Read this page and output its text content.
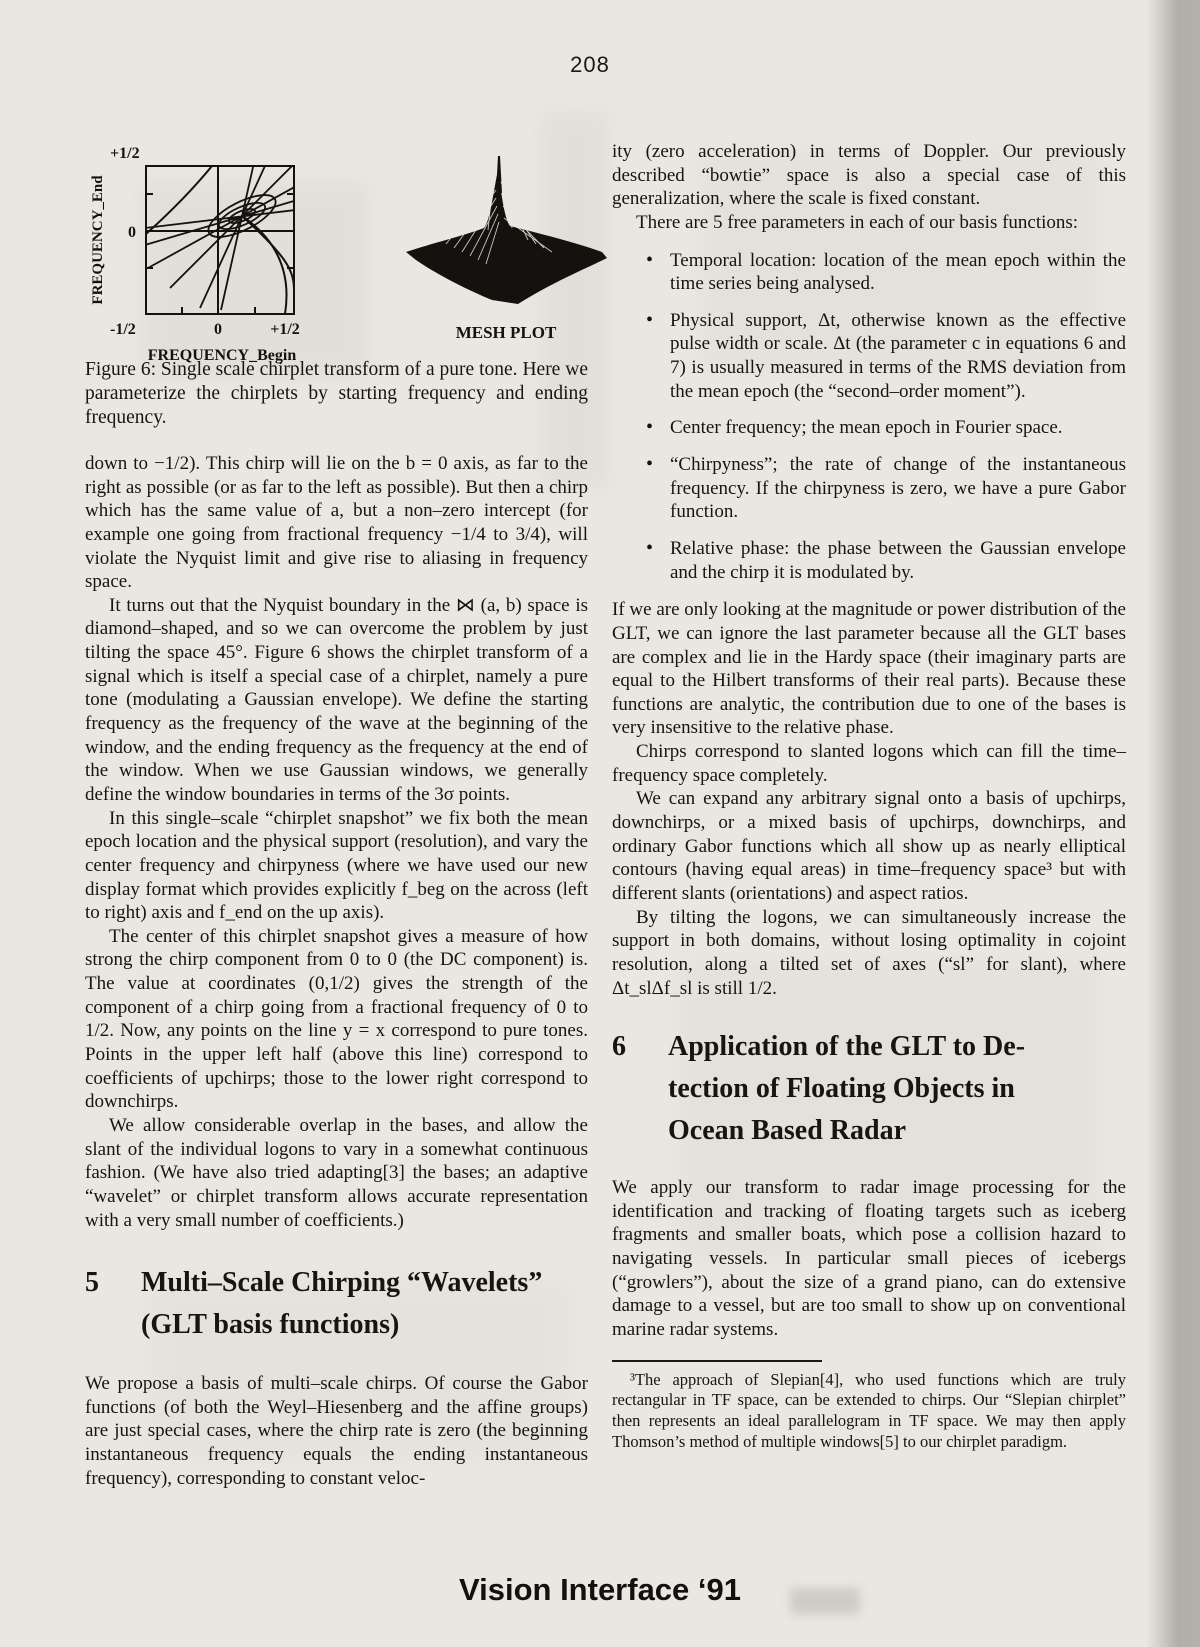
208
+1/2
0
FREQUENCY_End
-1/2	0	+1/2
FREQUENCY_Begin
MESH PLOT
Figure 6: Single scale chirplet transform of a pure tone. Here we parameterize the chirplets by starting frequency and ending frequency.

down to −1/2). This chirp will lie on the b = 0 axis, as far to the right as possible (or as far to the left as possible). But then a chirp which has the same value of a, but a non–zero intercept (for example one going from fractional frequency −1/4 to 3/4), will violate the Nyquist limit and give rise to aliasing in frequency space.

It turns out that the Nyquist boundary in the ⋈ (a, b) space is diamond–shaped, and so we can overcome the problem by just tilting the space 45°. Figure 6 shows the chirplet transform of a signal which is itself a special case of a chirplet, namely a pure tone (modulating a Gaussian envelope). We define the starting frequency as the frequency of the wave at the beginning of the window, and the ending frequency as the frequency at the end of the window. When we use Gaussian windows, we generally define the window boundaries in terms of the 3σ points.

In this single–scale “chirplet snapshot” we fix both the mean epoch location and the physical support (resolution), and vary the center frequency and chirpyness (where we have used our new display format which provides explicitly f_beg on the across (left to right) axis and f_end on the up axis).

The center of this chirplet snapshot gives a measure of how strong the chirp component from 0 to 0 (the DC component) is. The value at coordinates (0,1/2) gives the strength of the component of a chirp going from a fractional frequency of 0 to 1/2. Now, any points on the line y = x correspond to pure tones. Points in the upper left half (above this line) correspond to coefficients of upchirps; those to the lower right correspond to downchirps.

We allow considerable overlap in the bases, and allow the slant of the individual logons to vary in a somewhat continuous fashion. (We have also tried adapting[3] the bases; an adaptive “wavelet” or chirplet transform allows accurate representation with a very small number of coefficients.)

5 Multi–Scale Chirping “Wavelets”
(GLT basis functions)

We propose a basis of multi–scale chirps. Of course the Gabor functions (of both the Weyl–Hiesenberg and the affine groups) are just special cases, where the chirp rate is zero (the beginning instantaneous frequency equals the ending instantaneous frequency), corresponding to constant veloc-

ity (zero acceleration) in terms of Doppler. Our previously described “bowtie” space is also a special case of this generalization, where the scale is fixed constant.

There are 5 free parameters in each of our basis functions:

• Temporal location: location of the mean epoch within the time series being analysed.
• Physical support, Δt, otherwise known as the effective pulse width or scale. Δt (the parameter c in equations 6 and 7) is usually measured in terms of the RMS deviation from the mean epoch (the “second–order moment”).
• Center frequency; the mean epoch in Fourier space.
• “Chirpyness”; the rate of change of the instantaneous frequency. If the chirpyness is zero, we have a pure Gabor function.
• Relative phase: the phase between the Gaussian envelope and the chirp it is modulated by.

If we are only looking at the magnitude or power distribution of the GLT, we can ignore the last parameter because all the GLT bases are complex and lie in the Hardy space (their imaginary parts are equal to the Hilbert transforms of their real parts). Because these functions are analytic, the contribution due to one of the bases is very insensitive to the relative phase.

Chirps correspond to slanted logons which can fill the time–frequency space completely.

We can expand any arbitrary signal onto a basis of upchirps, downchirps, or a mixed basis of upchirps, downchirps, and ordinary Gabor functions which all show up as nearly elliptical contours (having equal areas) in time–frequency space³ but with different slants (orientations) and aspect ratios.

By tilting the logons, we can simultaneously increase the support in both domains, without losing optimality in cojoint resolution, along a tilted set of axes (“sl” for slant), where Δt_slΔf_sl is still 1/2.

6 Application of the GLT to De-
tection of Floating Objects in
Ocean Based Radar

We apply our transform to radar image processing for the identification and tracking of floating targets such as iceberg fragments and smaller boats, which pose a collision hazard to navigating vessels. In particular small pieces of icebergs (“growlers”), about the size of a grand piano, can do extensive damage to a vessel, but are too small to show up on conventional marine radar systems.

³The approach of Slepian[4], who used functions which are truly rectangular in TF space, can be extended to chirps. Our “Slepian chirplet” then represents an ideal parallelogram in TF space. We may then apply Thomson’s method of multiple windows[5] to our chirplet paradigm.
Vision Interface ‘91
